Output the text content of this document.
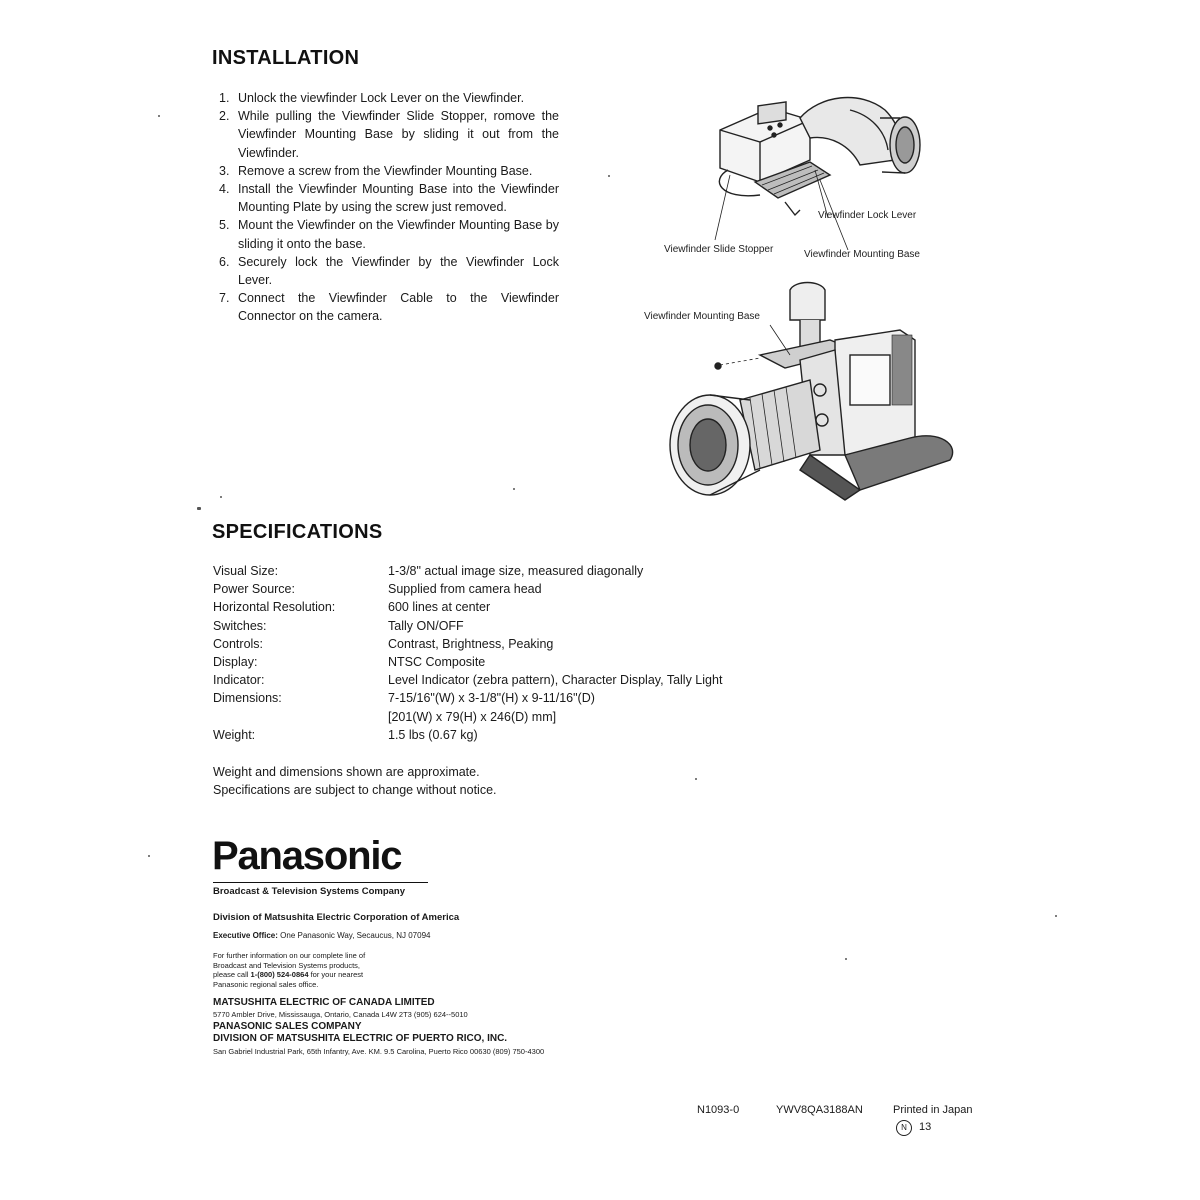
INSTALLATION
1. Unlock the viewfinder Lock Lever on the Viewfinder.
2. While pulling the Viewfinder Slide Stopper, romove the Viewfinder Mounting Base by sliding it out from the Viewfinder.
3. Remove a screw from the Viewfinder Mounting Base.
4. Install the Viewfinder Mounting Base into the Viewfinder Mounting Plate by using the screw just removed.
5. Mount the Viewfinder on the Viewfinder Mounting Base by sliding it onto the base.
6. Securely lock the Viewfinder by the Viewfinder Lock Lever.
7. Connect the Viewfinder Cable to the Viewfinder Connector on the camera.
Viewfinder Lock Lever
Viewfinder Slide Stopper	Viewfinder Mounting Base
Viewfinder Mounting Base
SPECIFICATIONS
Visual Size:	1-3/8" actual image size, measured diagonally
Power Source:	Supplied from camera head
Horizontal Resolution:	600 lines at center
Switches:	Tally ON/OFF
Controls:	Contrast, Brightness, Peaking
Display:	NTSC Composite
Indicator:	Level Indicator (zebra pattern), Character Display, Tally Light
Dimensions:	7-15/16"(W) x 3-1/8"(H) x 9-11/16"(D)
	[201(W) x 79(H) x 246(D) mm]
Weight:	1.5 lbs (0.67 kg)
Weight and dimensions shown are approximate.
Specifications are subject to change without notice.
Panasonic
Broadcast & Television Systems Company
Division of Matsushita Electric Corporation of America
Executive Office: One Panasonic Way, Secaucus, NJ 07094
For further information on our complete line of
Broadcast and Television Systems products,
please call 1-(800) 524-0864 for your nearest
Panasonic regional sales office.
MATSUSHITA ELECTRIC OF CANADA LIMITED
5770 Ambler Drive, Mississauga, Ontario, Canada L4W 2T3 (905) 624--5010
PANASONIC SALES COMPANY
DIVISION OF MATSUSHITA ELECTRIC OF PUERTO RICO, INC.
San Gabriel Industrial Park, 65th Infantry, Ave. KM. 9.5 Carolina, Puerto Rico 00630 (809) 750-4300
N1093-0	YWV8QA3188AN	Printed in Japan
N	13
